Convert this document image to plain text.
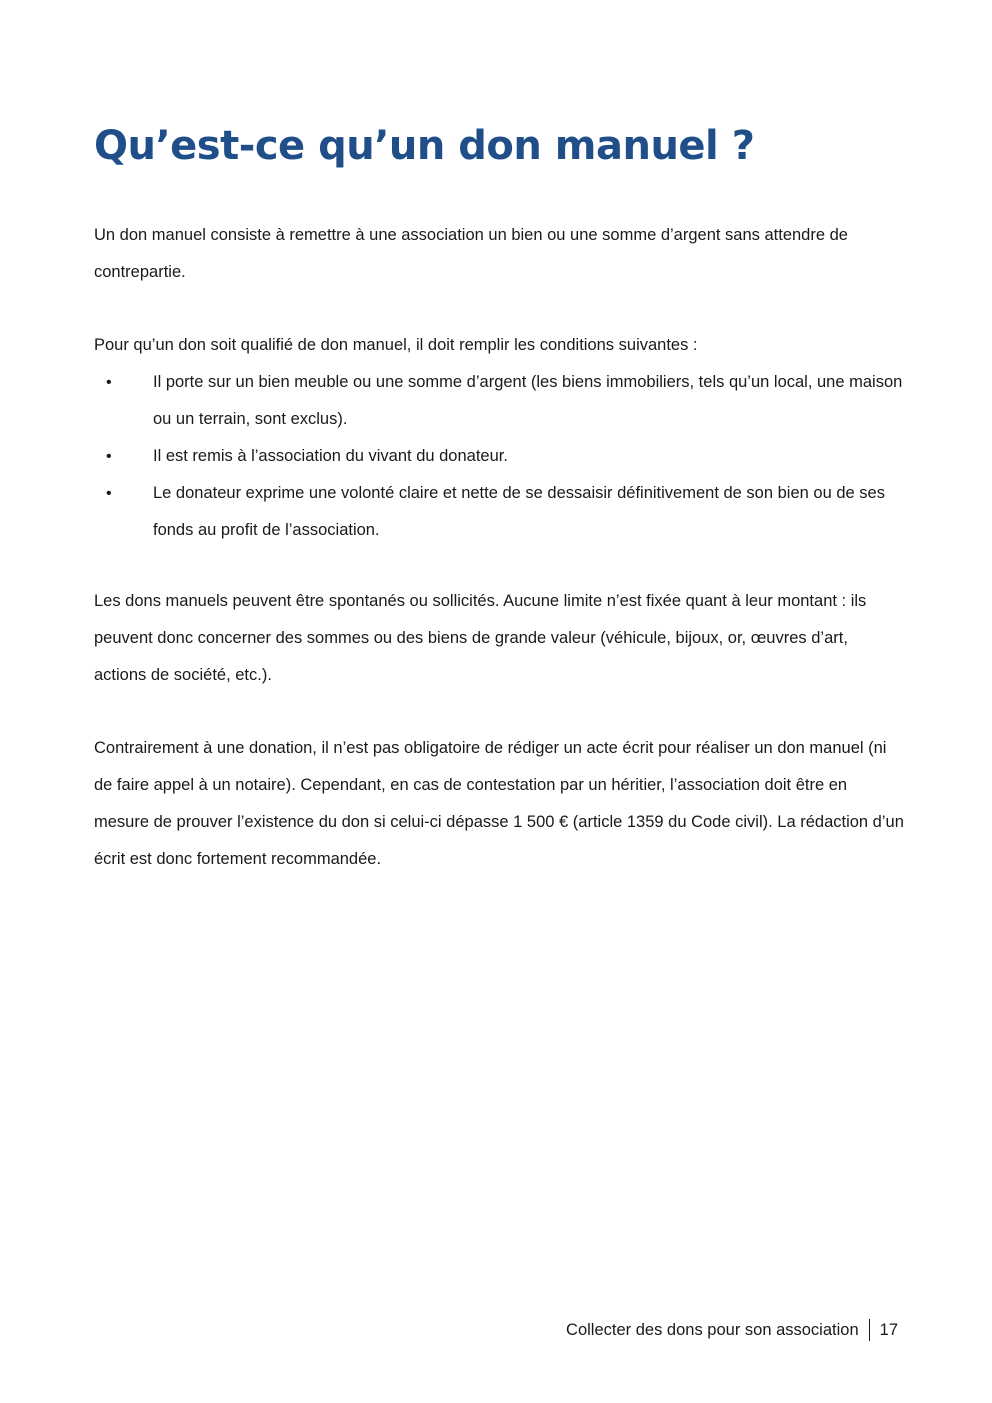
Qu’est-ce qu’un don manuel ?

Un don manuel consiste à remettre à une association un bien ou une somme d’argent sans attendre de contrepartie.

Pour qu’un don soit qualifié de don manuel, il doit remplir les conditions suivantes :

•	Il porte sur un bien meuble ou une somme d’argent (les biens immobiliers, tels qu’un local, une maison ou un terrain, sont exclus).
•	Il est remis à l’association du vivant du donateur.
•	Le donateur exprime une volonté claire et nette de se dessaisir définitivement de son bien ou de ses fonds au profit de l’association.

Les dons manuels peuvent être spontanés ou sollicités. Aucune limite n’est fixée quant à leur montant : ils peuvent donc concerner des sommes ou des biens de grande valeur (véhicule, bijoux, or, œuvres d’art, actions de société, etc.).

Contrairement à une donation, il n’est pas obligatoire de rédiger un acte écrit pour réaliser un don manuel (ni de faire appel à un notaire). Cependant, en cas de contestation par un héritier, l’association doit être en mesure de prouver l’existence du don si celui-ci dépasse 1 500 € (article 1359 du Code civil). La rédaction d’un écrit est donc fortement recommandée.

Collecter des dons pour son association 17
